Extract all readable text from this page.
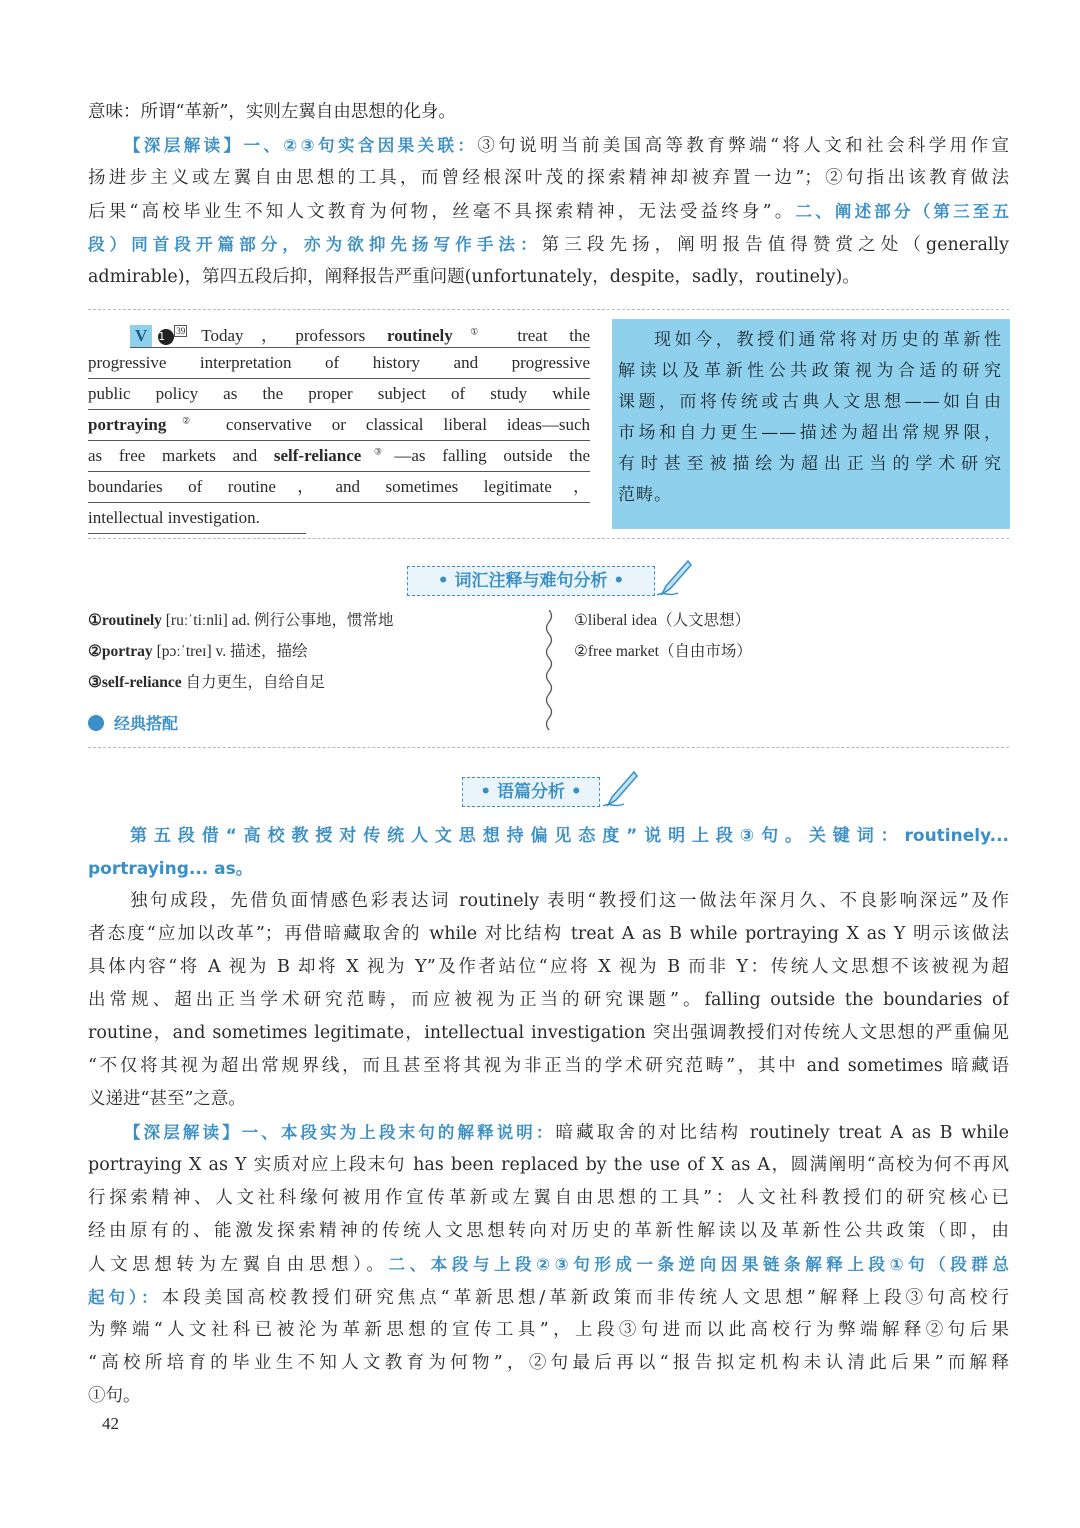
意味：所谓“革新”，实则左翼自由思想的化身。
【深层解读】一、②③句实含因果关联：③句说明当前美国高等教育弊端“将人文和社会科学用作宣
扬进步主义或左翼自由思想的工具，而曾经根深叶茂的探索精神却被弃置一边”；②句指出该教育做法
后果“高校毕业生不知人文教育为何物，丝毫不具探索精神，无法受益终身”。二、阐述部分（第三至五
段）同首段开篇部分，亦为欲抑先扬写作手法：第三段先扬，阐明报告值得赞赏之处（generally
admirable)，第四五段后抑，阐释报告严重问题(unfortunately，despite，sadly，routinely)。
V 1 $^{39}$ Today，professors routinely① treat the
progressive interpretation of history and progressive
public policy as the proper subject of study while
portraying② conservative or classical liberal ideas—such
as free markets and self-reliance③—as falling outside the
boundaries of routine，and sometimes legitimate，
intellectual investigation.
现如今，教授们通常将对历史的革新性
解读以及革新性公共政策视为合适的研究
课题，而将传统或古典人文思想——如自由
市场和自力更生——描述为超出常规界限，
有时甚至被描绘为超出正当的学术研究
范畴。
• 词汇注释与难句分析 •
①routinely [ruːˈtiːnli] ad. 例行公事地，惯常地
②portray [pɔːˈtreɪ] v. 描述，描绘
③self-reliance 自力更生，自给自足
经典搭配
①liberal idea（人文思想）
②free market（自由市场）
• 语篇分析 •
第五段借“高校教授对传统人文思想持偏见态度”说明上段③句。关键词：routinely...
portraying... as。
独句成段，先借负面情感色彩表达词 routinely 表明“教授们这一做法年深月久、不良影响深远”及作
者态度“应加以改革”；再借暗藏取舍的 while 对比结构 treat A as B while portraying X as Y 明示该做法
具体内容“将 A 视为 B 却将 X 视为 Y”及作者站位“应将 X 视为 B 而非 Y：传统人文思想不该被视为超
出常规、超出正当学术研究范畴，而应被视为正当的研究课题”。falling outside the boundaries of
routine，and sometimes legitimate，intellectual investigation 突出强调教授们对传统人文思想的严重偏见
“不仅将其视为超出常规界线，而且甚至将其视为非正当的学术研究范畴”，其中 and sometimes 暗藏语
义递进“甚至”之意。
【深层解读】一、本段实为上段末句的解释说明：暗藏取舍的对比结构 routinely treat A as B while
portraying X as Y 实质对应上段末句 has been replaced by the use of X as A，圆满阐明“高校为何不再风
行探索精神、人文社科缘何被用作宣传革新或左翼自由思想的工具”：人文社科教授们的研究核心已
经由原有的、能激发探索精神的传统人文思想转向对历史的革新性解读以及革新性公共政策（即，由
人文思想转为左翼自由思想）。二、本段与上段②③句形成一条逆向因果链条解释上段①句（段群总
起句）：本段美国高校教授们研究焦点“革新思想/革新政策而非传统人文思想”解释上段③句高校行
为弊端“人文社科已被沦为革新思想的宣传工具”，上段③句进而以此高校行为弊端解释②句后果
“高校所培育的毕业生不知人文教育为何物”，②句最后再以“报告拟定机构未认清此后果”而解释
①句。
42
